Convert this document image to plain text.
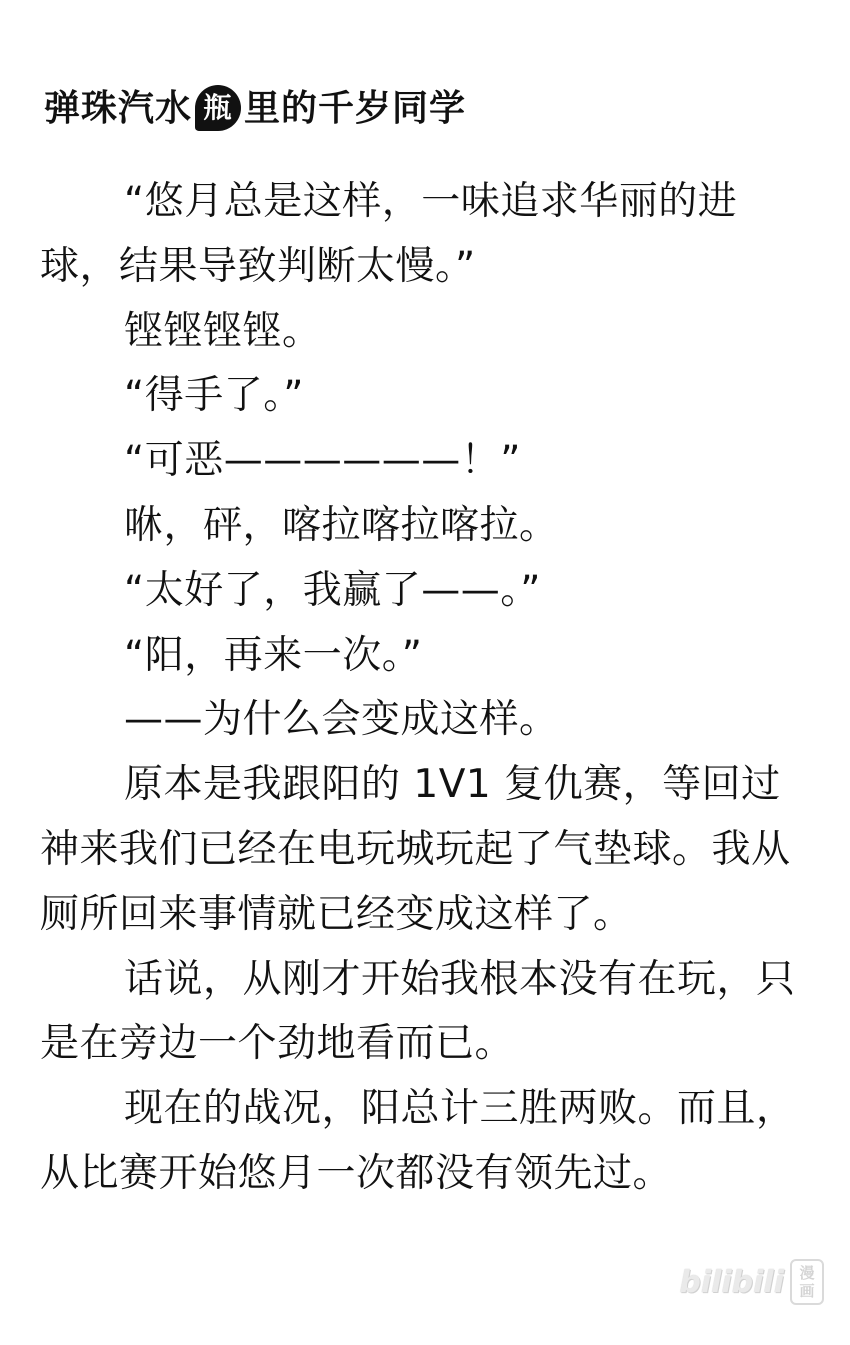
弹珠汽水 瓶 里的千岁同学

“悠月总是这样，一味追求华丽的进球，结果导致判断太慢。”

铿铿铿铿。

“得手了。”

“可恶——————！”

咻，砰，喀拉喀拉喀拉。

“太好了，我赢了——。”

“阳，再来一次。”

——为什么会变成这样。

原本是我跟阳的 1V1 复仇赛，等回过神来我们已经在电玩城玩起了气垫球。我从厕所回来事情就已经变成这样了。

话说，从刚才开始我根本没有在玩，只是在旁边一个劲地看而已。

现在的战况，阳总计三胜两败。而且，从比赛开始悠月一次都没有领先过。

bilibili 漫
画
